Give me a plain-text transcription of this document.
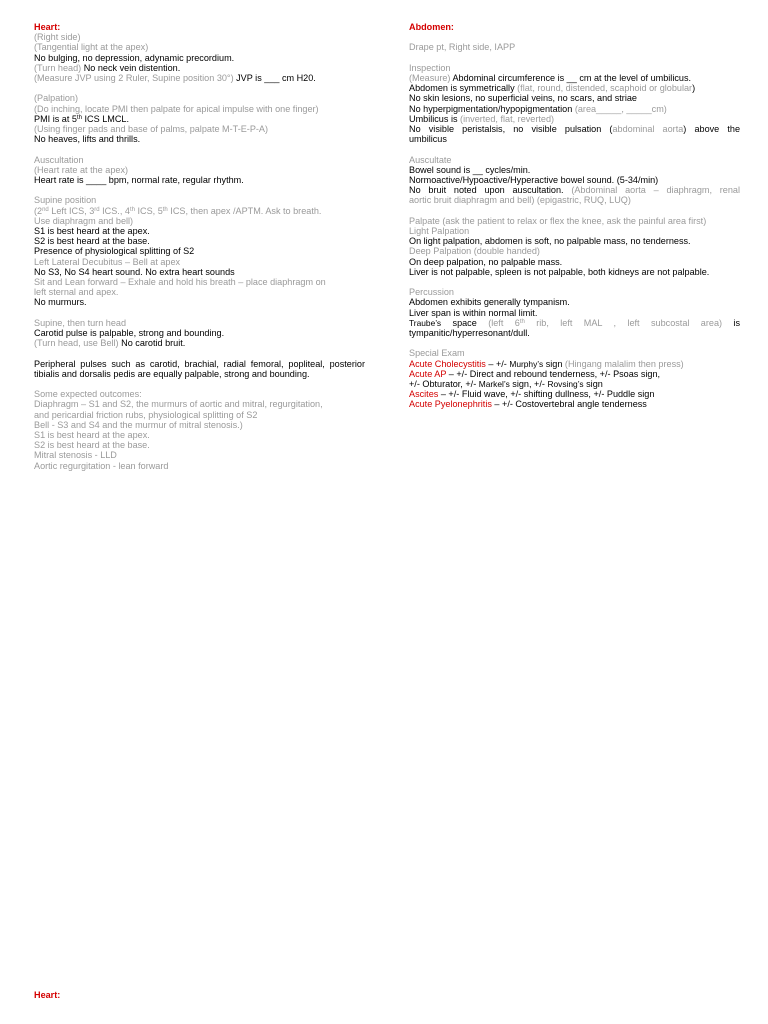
Heart:
(Right side)
(Tangential light at the apex)
No bulging, no depression, adynamic precordium.
(Turn head) No neck vein distention.
(Measure JVP using 2 Ruler, Supine position 30°) JVP is ___ cm H20.
(Palpation)
(Do inching, locate PMI then palpate for apical impulse with one finger)
PMI is at 5th ICS LMCL.
(Using finger pads and base of palms, palpate M-T-E-P-A)
No heaves, lifts and thrills.
Auscultation
(Heart rate at the apex)
Heart rate is ____ bpm, normal rate, regular rhythm.
Supine position
(2nd Left ICS, 3rd ICS., 4th ICS, 5th ICS, then apex /APTM. Ask to breath.
Use diaphragm and bell)
S1 is best heard at the apex.
S2 is best heard at the base.
Presence of physiological splitting of S2
Left Lateral Decubitus – Bell at apex
No S3, No S4 heart sound. No extra heart sounds
Sit and Lean forward – Exhale and hold his breath – place diaphragm on
left sternal and apex.
No murmurs.
Supine, then turn head
Carotid pulse is palpable, strong and bounding.
(Turn head, use Bell) No carotid bruit.
Peripheral pulses such as carotid, brachial, radial femoral, popliteal, posterior tibialis and dorsalis pedis are equally palpable, strong and bounding.
Some expected outcomes:
Diaphragm – S1 and S2, the murmurs of aortic and mitral, regurgitation,
and pericardial friction rubs, physiological splitting of S2
Bell - S3 and S4 and the murmur of mitral stenosis.)
S1 is best heard at the apex.
S2 is best heard at the base.
Mitral stenosis - LLD
Aortic regurgitation - lean forward
Abdomen:
Drape pt, Right side, IAPP
Inspection
(Measure) Abdominal circumference is __ cm at the level of umbilicus.
Abdomen is symmetrically (flat, round, distended, scaphoid or globular)
No skin lesions, no superficial veins, no scars, and striae
No hyperpigmentation/hypopigmentation (area_____, _____cm)
Umbilicus is (inverted, flat, reverted)
No visible peristalsis, no visible pulsation (abdominal aorta) above the
umbilicus
Auscultate
Bowel sound is __ cycles/min.
Normoactive/Hypoactive/Hyperactive bowel sound. (5-34/min)
No bruit noted upon auscultation. (Abdominal aorta – diaphragm, renal
aortic bruit diaphragm and bell) (epigastric, RUQ, LUQ)
Palpate (ask the patient to relax or flex the knee, ask the painful area first)
Light Palpation
On light palpation, abdomen is soft, no palpable mass, no tenderness.
Deep Palpation (double handed)
On deep palpation, no palpable mass.
Liver is not palpable, spleen is not palpable, both kidneys are not palpable.
Percussion
Abdomen exhibits generally tympanism.
Liver span is within normal limit.
Traube’s space (left 6th rib, left MAL , left subcostal area) is
tympanitic/hyperresonant/dull.
Special Exam
Acute Cholecystitis – +/- Murphy’s sign (Hingang malalim then press)
Acute AP – +/- Direct and rebound tenderness, +/- Psoas sign,
+/- Obturator, +/- Markel’s sign, +/- Rovsing’s sign
Ascites – +/- Fluid wave, +/- shifting dullness, +/- Puddle sign
Acute Pyelonephritis – +/- Costovertebral angle tenderness
Heart:
